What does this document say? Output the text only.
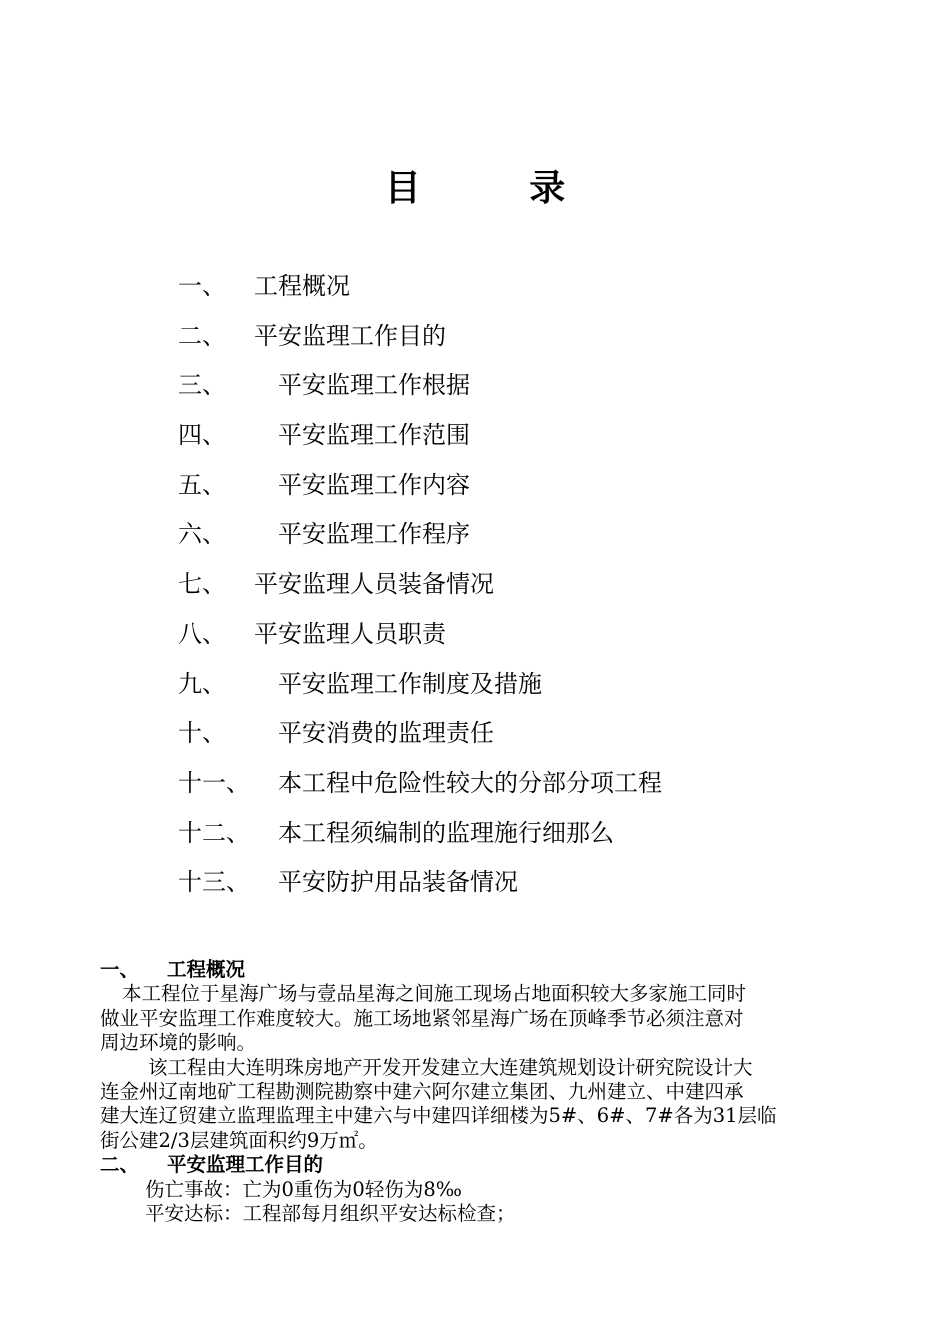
目 录
一、 工程概况
二、 平安监理工作目的
三、 平安监理工作根据
四、 平安监理工作范围
五、 平安监理工作内容
六、 平安监理工作程序
七、 平安监理人员装备情况
八、 平安监理人员职责
九、 平安监理工作制度及措施
十、 平安消费的监理责任
十一、 本工程中危险性较大的分部分项工程
十二、 本工程须编制的监理施行细那么
十三、 平安防护用品装备情况
一、 工程概况
本工程位于星海广场与壹品星海之间施工现场占地面积较大多家施工同时
做业平安监理工作难度较大。施工场地紧邻星海广场在顶峰季节必须注意对
周边环境的影响。
该工程由大连明珠房地产开发开发建立大连建筑规划设计研究院设计大
连金州辽南地矿工程勘测院勘察中建六阿尔建立集团、九州建立、中建四承
建大连辽贸建立监理监理主中建六与中建四详细楼为5#、6#、7#各为31层临
街公建2/3层建筑面积约9万㎡。
二、 平安监理工作目的
伤亡事故：亡为0重伤为0轻伤为8‰
平安达标：工程部每月组织平安达标检查；
